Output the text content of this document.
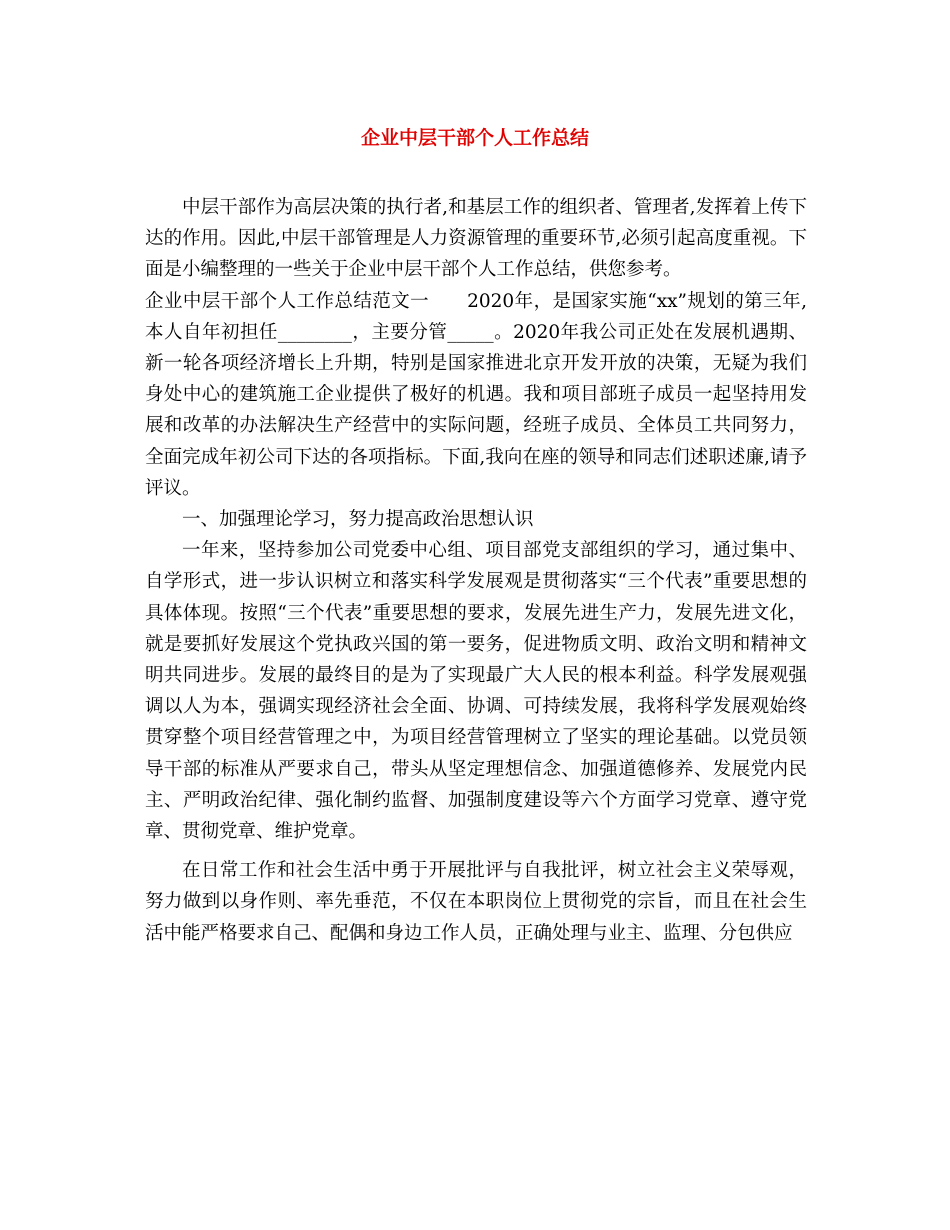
企业中层干部个人工作总结

中层干部作为高层决策的执行者,和基层工作的组织者、管理者,发挥着上传下达的作用。因此,中层干部管理是人力资源管理的重要环节,必须引起高度重视。下面是小编整理的一些关于企业中层干部个人工作总结，供您参考。

企业中层干部个人工作总结范文一 2020年，是国家实施“xx”规划的第三年,本人自年初担任________，主要分管_____。2020年我公司正处在发展机遇期、新一轮各项经济增长上升期，特别是国家推进北京开发开放的决策，无疑为我们身处中心的建筑施工企业提供了极好的机遇。我和项目部班子成员一起坚持用发展和改革的办法解决生产经营中的实际问题，经班子成员、全体员工共同努力，全面完成年初公司下达的各项指标。下面,我向在座的领导和同志们述职述廉,请予评议。

一、加强理论学习，努力提高政治思想认识

一年来，坚持参加公司党委中心组、项目部党支部组织的学习，通过集中、自学形式，进一步认识树立和落实科学发展观是贯彻落实“三个代表”重要思想的具体体现。按照“三个代表”重要思想的要求，发展先进生产力，发展先进文化，就是要抓好发展这个党执政兴国的第一要务，促进物质文明、政治文明和精神文明共同进步。发展的最终目的是为了实现最广大人民的根本利益。科学发展观强调以人为本，强调实现经济社会全面、协调、可持续发展，我将科学发展观始终贯穿整个项目经营管理之中，为项目经营管理树立了坚实的理论基础。以党员领导干部的标准从严要求自己，带头从坚定理想信念、加强道德修养、发展党内民主、严明政治纪律、强化制约监督、加强制度建设等六个方面学习党章、遵守党章、贯彻党章、维护党章。

在日常工作和社会生活中勇于开展批评与自我批评，树立社会主义荣辱观，努力做到以身作则、率先垂范，不仅在本职岗位上贯彻党的宗旨，而且在社会生活中能严格要求自己、配偶和身边工作人员，正确处理与业主、监理、分包供应
